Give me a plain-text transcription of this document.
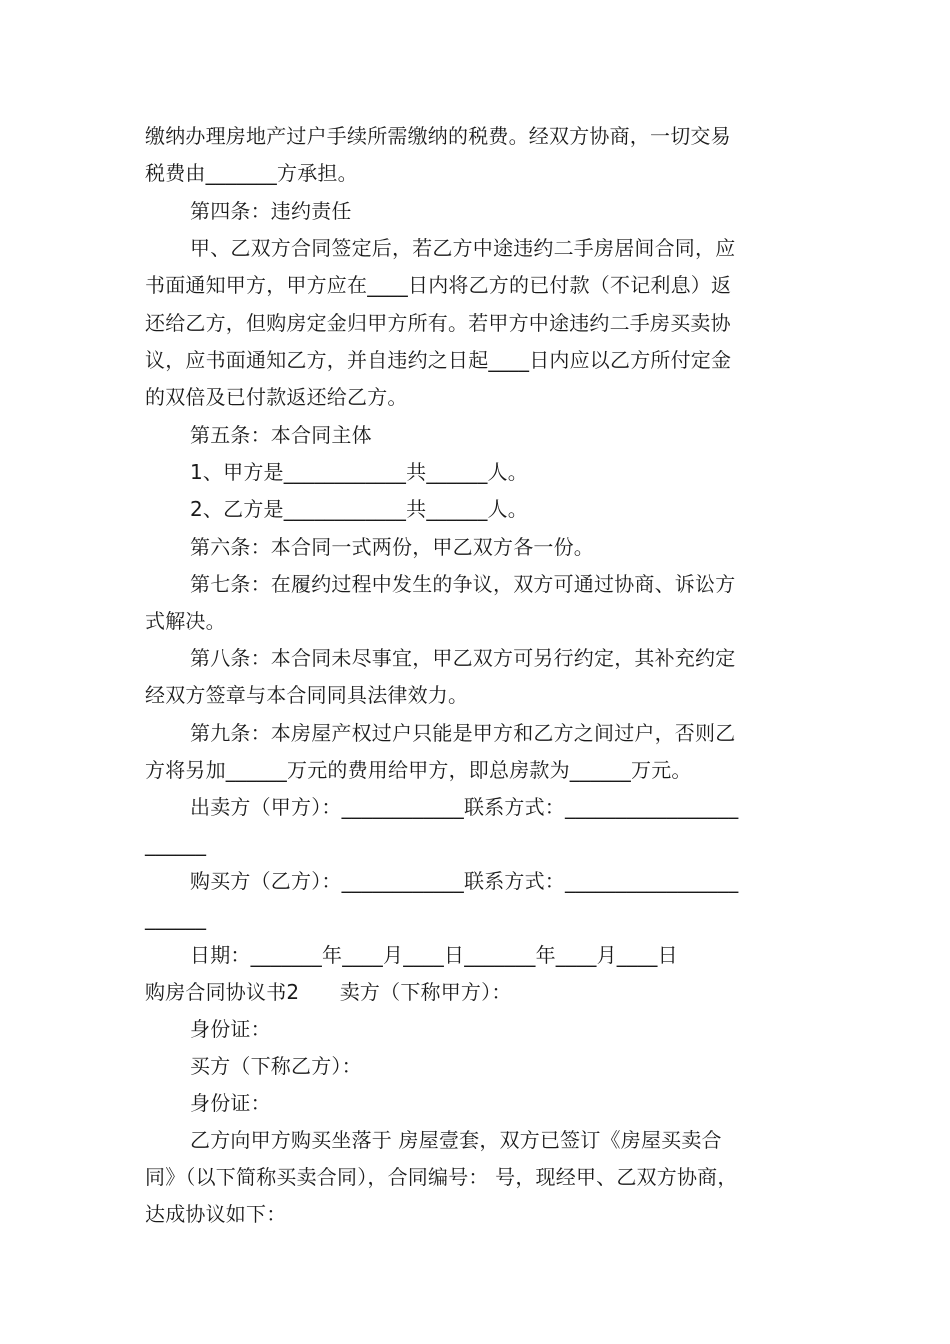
缴纳办理房地产过户手续所需缴纳的税费。经双方协商，一切交易
税费由_______方承担。
第四条：违约责任
甲、乙双方合同签定后，若乙方中途违约二手房居间合同，应
书面通知甲方，甲方应在____日内将乙方的已付款（不记利息）返
还给乙方，但购房定金归甲方所有。若甲方中途违约二手房买卖协
议，应书面通知乙方，并自违约之日起____日内应以乙方所付定金
的双倍及已付款返还给乙方。
第五条：本合同主体
1、甲方是____________共______人。
2、乙方是____________共______人。
第六条：本合同一式两份，甲乙双方各一份。
第七条：在履约过程中发生的争议，双方可通过协商、诉讼方
式解决。
第八条：本合同未尽事宜，甲乙双方可另行约定，其补充约定
经双方签章与本合同同具法律效力。
第九条：本房屋产权过户只能是甲方和乙方之间过户，否则乙
方将另加______万元的费用给甲方，即总房款为______万元。
出卖方（甲方）：____________联系方式：_________________
______
购买方（乙方）：____________联系方式：_________________
______
日期：_______年____月____日_______年____月____日
购房合同协议书2　　卖方（下称甲方）：
身份证：
买方（下称乙方）：
身份证：
乙方向甲方购买坐落于 房屋壹套，双方已签订《房屋买卖合
同》（以下简称买卖合同），合同编号： 号，现经甲、乙双方协商，
达成协议如下：
